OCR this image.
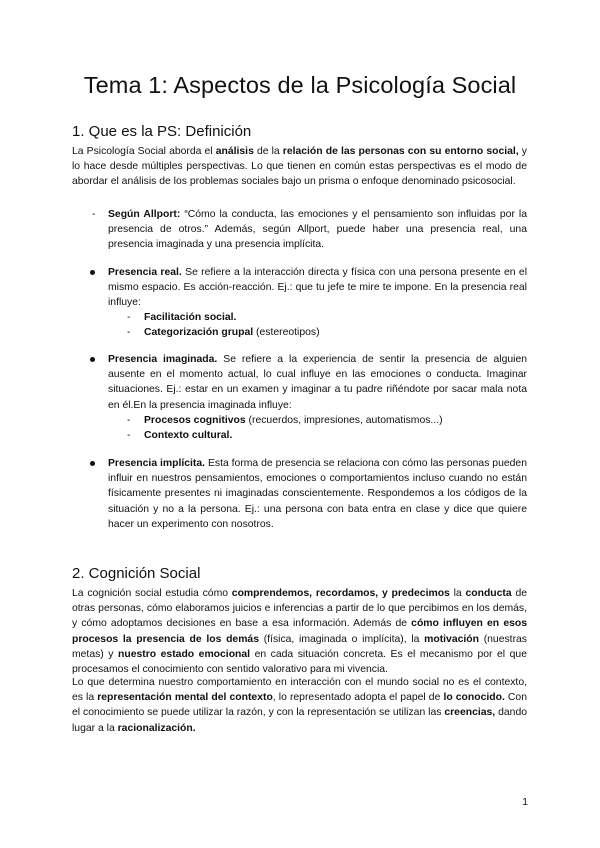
Tema 1: Aspectos de la Psicología Social
1. Que es la PS: Definición

La Psicología Social aborda el análisis de la relación de las personas con su entorno social, y lo hace desde múltiples perspectivas. Lo que tienen en común estas perspectivas es el modo de abordar el análisis de los problemas sociales bajo un prisma o enfoque denominado psicosocial.

- Según Allport: “Cómo la conducta, las emociones y el pensamiento son influidas por la presencia de otros.” Además, según Allport, puede haber una presencia real, una presencia imaginada y una presencia implícita.

Presencia real. Se refiere a la interacción directa y física con una persona presente en el mismo espacio. Es acción-reacción. Ej.: que tu jefe te mire te impone. En la presencia real influye:

- Facilitación social.

- Categorización grupal (estereotipos)

Presencia imaginada. Se refiere a la experiencia de sentir la presencia de alguien ausente en el momento actual, lo cual influye en las emociones o conducta. Imaginar situaciones. Ej.: estar en un examen y imaginar a tu padre riñéndote por sacar mala nota en él.En la presencia imaginada influye:

- Procesos cognitivos (recuerdos, impresiones, automatismos...)

- Contexto cultural.

Presencia implícita. Esta forma de presencia se relaciona con cómo las personas pueden influir en nuestros pensamientos, emociones o comportamientos incluso cuando no están físicamente presentes ni imaginadas conscientemente. Respondemos a los códigos de la situación y no a la persona. Ej.: una persona con bata entra en clase y dice que quiere hacer un experimento con nosotros.

2. Cognición Social

La cognición social estudia cómo comprendemos, recordamos, y predecimos la conducta de otras personas, cómo elaboramos juicios e inferencias a partir de lo que percibimos en los demás, y cómo adoptamos decisiones en base a esa información. Además de cómo influyen en esos procesos la presencia de los demás (física, imaginada o implícita), la motivación (nuestras metas) y nuestro estado emocional en cada situación concreta. Es el mecanismo por el que procesamos el conocimiento con sentido valorativo para mi vivencia.

Lo que determina nuestro comportamiento en interacción con el mundo social no es el contexto, es la representación mental del contexto, lo representado adopta el papel de lo conocido. Con el conocimiento se puede utilizar la razón, y con la representación se utilizan las creencias, dando lugar a la racionalización.

1
